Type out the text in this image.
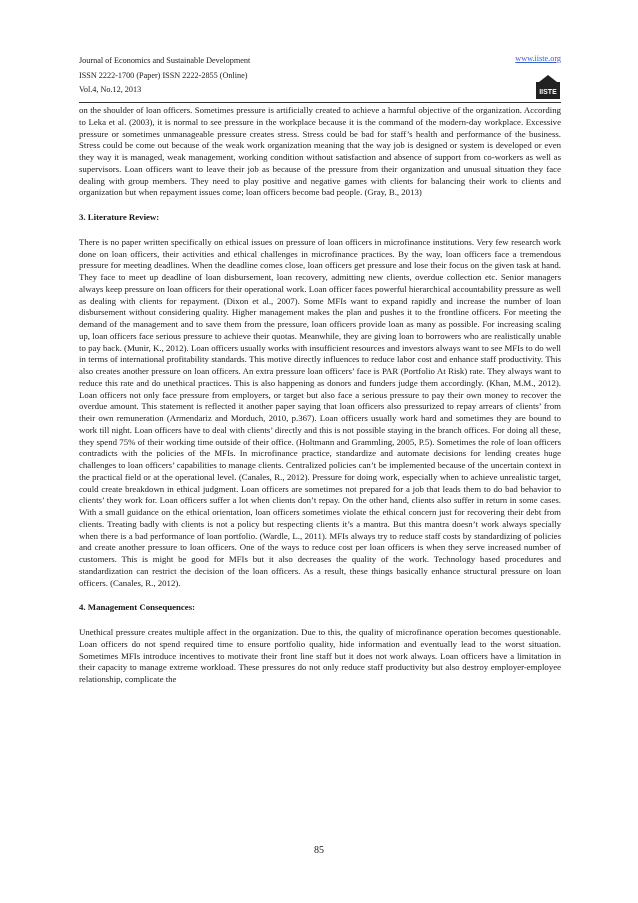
Journal of Economics and Sustainable Development
ISSN 2222-1700 (Paper) ISSN 2222-2855 (Online)
Vol.4, No.12, 2013
www.iiste.org
IISTE

on the shoulder of loan officers. Sometimes pressure is artificially created to achieve a harmful objective of the organization. According to Leka et al. (2003), it is normal to see pressure in the workplace because it is the command of the modern-day workplace. Excessive pressure or sometimes unmanageable pressure creates stress. Stress could be bad for staff’s health and performance of the business. Stress could be come out because of the weak work organization meaning that the way job is designed or system is developed or even they way it is managed, weak management, working condition without satisfaction and absence of support from co-workers as well as supervisors. Loan officers want to leave their job as because of the pressure from their organization and unusual situation they face dealing with group members. They need to play positive and negative games with clients for balancing their work to clients and organization but when repayment issues come; loan officers become bad people. (Gray, B., 2013)

3. Literature Review:

There is no paper written specifically on ethical issues on pressure of loan officers in microfinance institutions. Very few research work done on loan officers, their activities and ethical challenges in microfinance practices. By the way, loan officers face a tremendous pressure for meeting deadlines. When the deadline comes close, loan officers get pressure and lose their focus on the given task at hand. They face to meet up deadline of loan disbursement, loan recovery, admitting new clients, overdue collection etc. Senior managers always keep pressure on loan officers for their operational work. Loan officer faces powerful hierarchical accountability pressure as well as dealing with clients for repayment. (Dixon et al., 2007). Some MFIs want to expand rapidly and increase the number of loan disbursement without considering quality. Higher management makes the plan and pushes it to the frontline officers. For meeting the demand of the management and to save them from the pressure, loan officers provide loan as many as possible. For increasing scaling up, loan officers face serious pressure to achieve their quotas. Meanwhile, they are giving loan to borrowers who are realistically unable to pay back. (Munir, K., 2012). Loan officers usually works with insufficient resources and investors always want to see MFIs to do well in terms of international profitability standards. This motive directly influences to reduce labor cost and enhance staff productivity. This also creates another pressure on loan officers. An extra pressure loan officers’ face is PAR (Portfolio At Risk) rate. They always want to reduce this rate and do unethical practices. This is also happening as donors and funders judge them accordingly. (Khan, M.M., 2012). Loan officers not only face pressure from employers, or target but also face a serious pressure to pay their own money to recover the overdue amount. This statement is reflected it another paper saying that loan officers also pressurized to repay arrears of clients’ from their own remuneration (Armendariz and Morduch, 2010, p.367). Loan officers usually work hard and sometimes they are bound to work till night. Loan officers have to deal with clients’ directly and this is not possible staying in the branch offices. For doing all these, they spend 75% of their working time outside of their office. (Holtmann and Grammling, 2005, P.5). Sometimes the role of loan officers contradicts with the policies of the MFIs. In microfinance practice, standardize and automate decisions for lending creates huge challenges to loan officers’ capabilities to manage clients. Centralized policies can’t be implemented because of the uncertain context in the practical field or at the operational level. (Canales, R., 2012). Pressure for doing work, especially when to achieve unrealistic target, could create breakdown in ethical judgment. Loan officers are sometimes not prepared for a job that leads them to do bad behavior to clients’ they work for. Loan officers suffer a lot when clients don’t repay. On the other hand, clients also suffer in return in some cases. With a small guidance on the ethical orientation, loan officers sometimes violate the ethical concern just for recovering their debt from clients. Treating badly with clients is not a policy but respecting clients it’s a mantra. But this mantra doesn’t work always specially when there is a bad performance of loan portfolio. (Wardle, L., 2011). MFIs always try to reduce staff costs by standardizing of policies and create another pressure to loan officers. One of the ways to reduce cost per loan officers is when they serve increased number of customers. This is might be good for MFIs but it also decreases the quality of the work. Technology based procedures and standardization can restrict the decision of the loan officers. As a result, these things basically enhance structural pressure on loan officers. (Canales, R., 2012).

4. Management Consequences:

Unethical pressure creates multiple affect in the organization. Due to this, the quality of microfinance operation becomes questionable. Loan officers do not spend required time to ensure portfolio quality, hide information and eventually lead to the worst situation. Sometimes MFIs introduce incentives to motivate their front line staff but it does not work always. Loan officers have a limitation in their capacity to manage extreme workload. These pressures do not only reduce staff productivity but also destroy employer-employee relationship, complicate the

85
